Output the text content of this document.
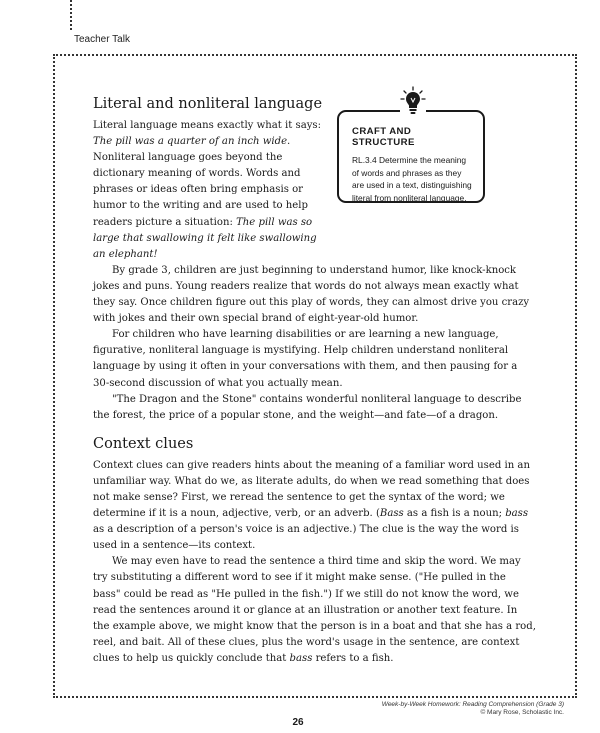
Teacher Talk
Literal and nonliteral language

Literal language means exactly what it says: The pill was a quarter of an inch wide. Nonliteral language goes beyond the dictionary meaning of words. Words and phrases or ideas often bring emphasis or humor to the writing and are used to help readers picture a situation: The pill was so large that swallowing it felt like swallowing an elephant!

By grade 3, children are just beginning to understand humor, like knock-knock jokes and puns. Young readers realize that words do not always mean exactly what they say. Once children figure out this play of words, they can almost drive you crazy with jokes and their own special brand of eight-year-old humor.

For children who have learning disabilities or are learning a new language, figurative, nonliteral language is mystifying. Help children understand nonliteral language by using it often in your conversations with them, and then pausing for a 30-second discussion of what you actually mean.

"The Dragon and the Stone" contains wonderful nonliteral language to describe the forest, the price of a popular stone, and the weight—and fate—of a dragon.

Context clues

Context clues can give readers hints about the meaning of a familiar word used in an unfamiliar way. What do we, as literate adults, do when we read something that does not make sense? First, we reread the sentence to get the syntax of the word; we determine if it is a noun, adjective, verb, or an adverb. (Bass as a fish is a noun; bass as a description of a person's voice is an adjective.) The clue is the way the word is used in a sentence—its context.

We may even have to read the sentence a third time and skip the word. We may try substituting a different word to see if it might make sense. ("He pulled in the bass" could be read as "He pulled in the fish.") If we still do not know the word, we read the sentences around it or glance at an illustration or another text feature. In the example above, we might know that the person is in a boat and that she has a rod, reel, and bait. All of these clues, plus the word's usage in the sentence, are context clues to help us quickly conclude that bass refers to a fish.

CRAFT AND STRUCTURE
RL.3.4 Determine the meaning of words and phrases as they are used in a text, distinguishing literal from nonliteral language.
Week-by-Week Homework: Reading Comprehension (Grade 3)
© Mary Rose, Scholastic Inc.
26
